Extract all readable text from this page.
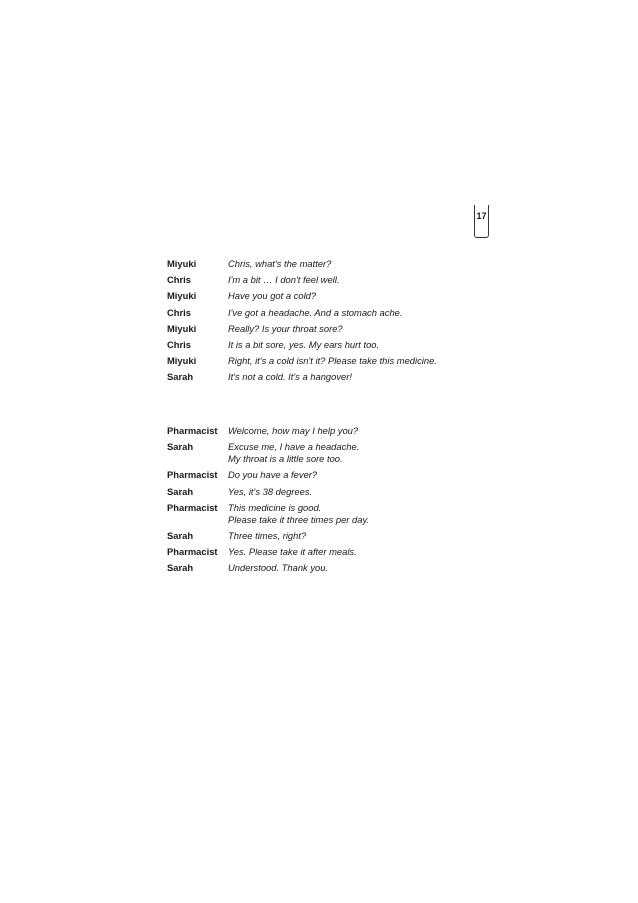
17
Miyuki	Chris, what's the matter?
Chris	I'm a bit … I don't feel well.
Miyuki	Have you got a cold?
Chris	I've got a headache. And a stomach ache.
Miyuki	Really? Is your throat sore?
Chris	It is a bit sore, yes. My ears hurt too.
Miyuki	Right, it's a cold isn't it? Please take this medicine.
Sarah	It's not a cold. It's a hangover!
Pharmacist	Welcome, how may I help you?
Sarah	Excuse me, I have a headache.
My throat is a little sore too.
Pharmacist	Do you have a fever?
Sarah	Yes, it's 38 degrees.
Pharmacist	This medicine is good.
Please take it three times per day.
Sarah	Three times, right?
Pharmacist	Yes. Please take it after meals.
Sarah	Understood. Thank you.
